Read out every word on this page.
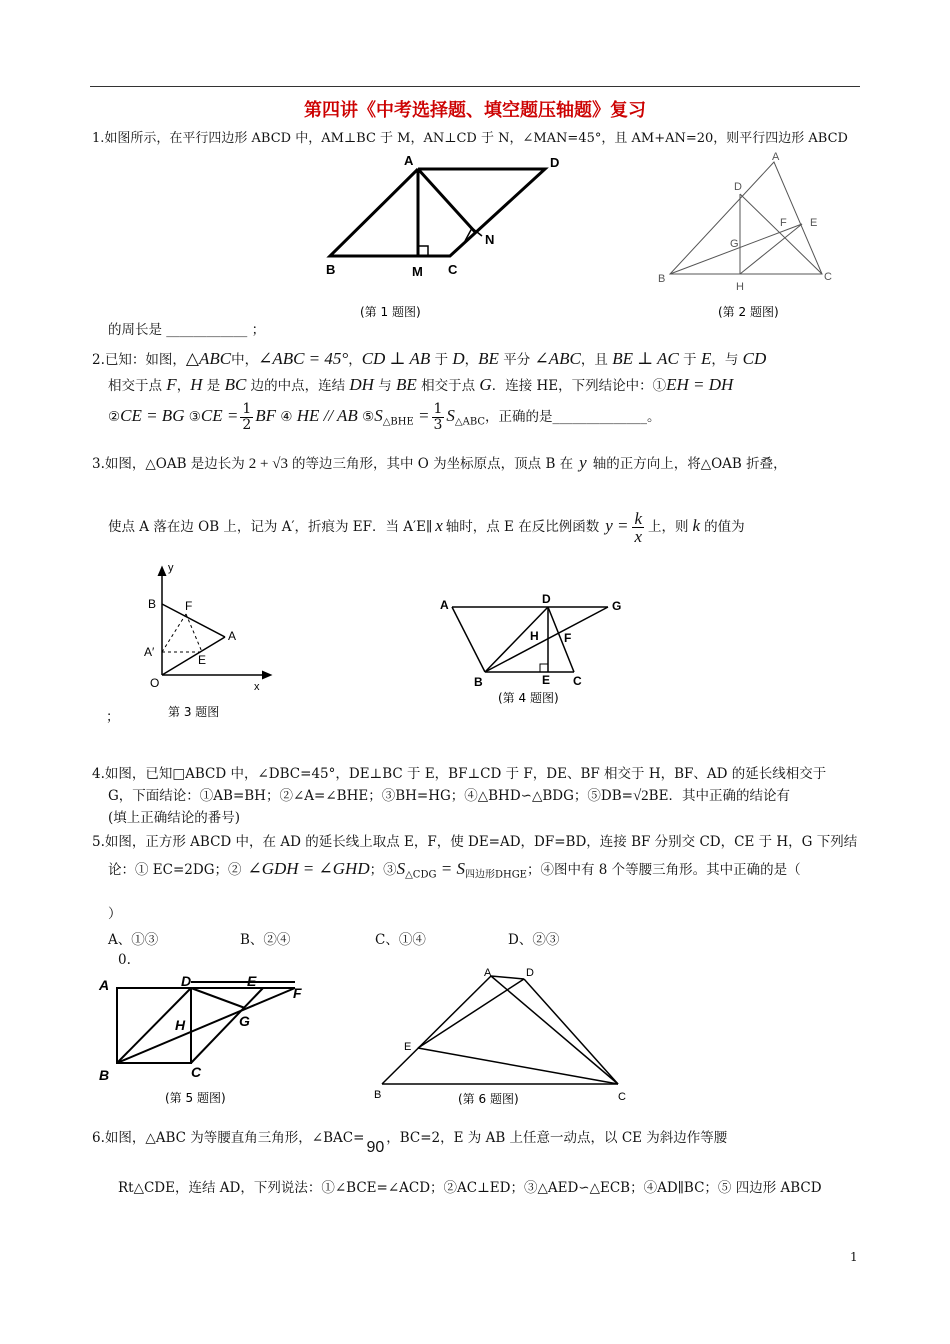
第四讲《中考选择题、填空题压轴题》复习
1.如图所示，在平行四边形 ABCD 中，AM⊥BC 于 M，AN⊥CD 于 N，∠MAN=45°，且 AM+AN=20，则平行四边形 ABCD
A	D
B	M C
N
(第 1 题图)
A
D
F E
G
B
H
C
(第 2 题图)
的周长是 ____________ ；
2.已知：如图，△ABC中，∠ABC = 45°，CD ⊥ AB 于 D，BE 平分 ∠ABC，且 BE ⊥ AC 于 E，与 CD
相交于点 F，H 是 BC 边的中点，连结 DH 与 BE 相交于点 G．连接 HE，下列结论中：①EH = DH
②CE = BG ③CE = $\frac{1}{2}$ BF ④ HE // AB $⑤S_{\triangle BHE} = \frac{1}{3} S_{\triangle ABC}$，正确的是______________。
3.如图，△OAB 是边长为 2 + √3 的等边三角形，其中 O 为坐标原点，顶点 B 在 y 轴的正方向上，将△OAB 折叠，
使点 A 落在边 OB 上，记为 A′，折痕为 EF．当 A′E∥ x 轴时，点 E 在反比例函数 $y = \frac{k}{x}$ 上，则 k 的值为
y
B F
A
A′
E
O	x
第 3 题图
；
A	D	G
H F
B	E C
(第 4 题图)
4.如图，已知□ABCD 中，∠DBC=45°，DE⊥BC 于 E，BF⊥CD 于 F，DE、BF 相交于 H，BF、AD 的延长线相交于
G，下面结论：①AB=BH；②∠A=∠BHE；③BH=HG；④△BHD∽△BDG；⑤DB=√2BE．其中正确的结论有
(填上正确结论的番号)
5.如图，正方形 ABCD 中，在 AD 的延长线上取点 E，F，使 DE=AD，DF=BD，连接 BF 分别交 CD，CE 于 H，G 下列结
论：① EC=2DG；② ∠GDH = ∠GHD；$③S_{\triangle CDG} = S_{四边形DHGE}$；④图中有 8 个等腰三角形。其中正确的是（
）
A、①③	B、②④	C、①④	D、②③
0.
A	D	E
F
H	G
B	C
(第 5 题图)
A	D
E
B	C
(第 6 题图)
6.如图，△ABC 为等腰直角三角形，∠BAC=90，BC=2，E 为 AB 上任意一动点，以 CE 为斜边作等腰
Rt△CDE，连结 AD，下列说法：①∠BCE=∠ACD；②AC⊥ED；③△AED∽△ECB；④AD∥BC；⑤ 四边形 ABCD
1
